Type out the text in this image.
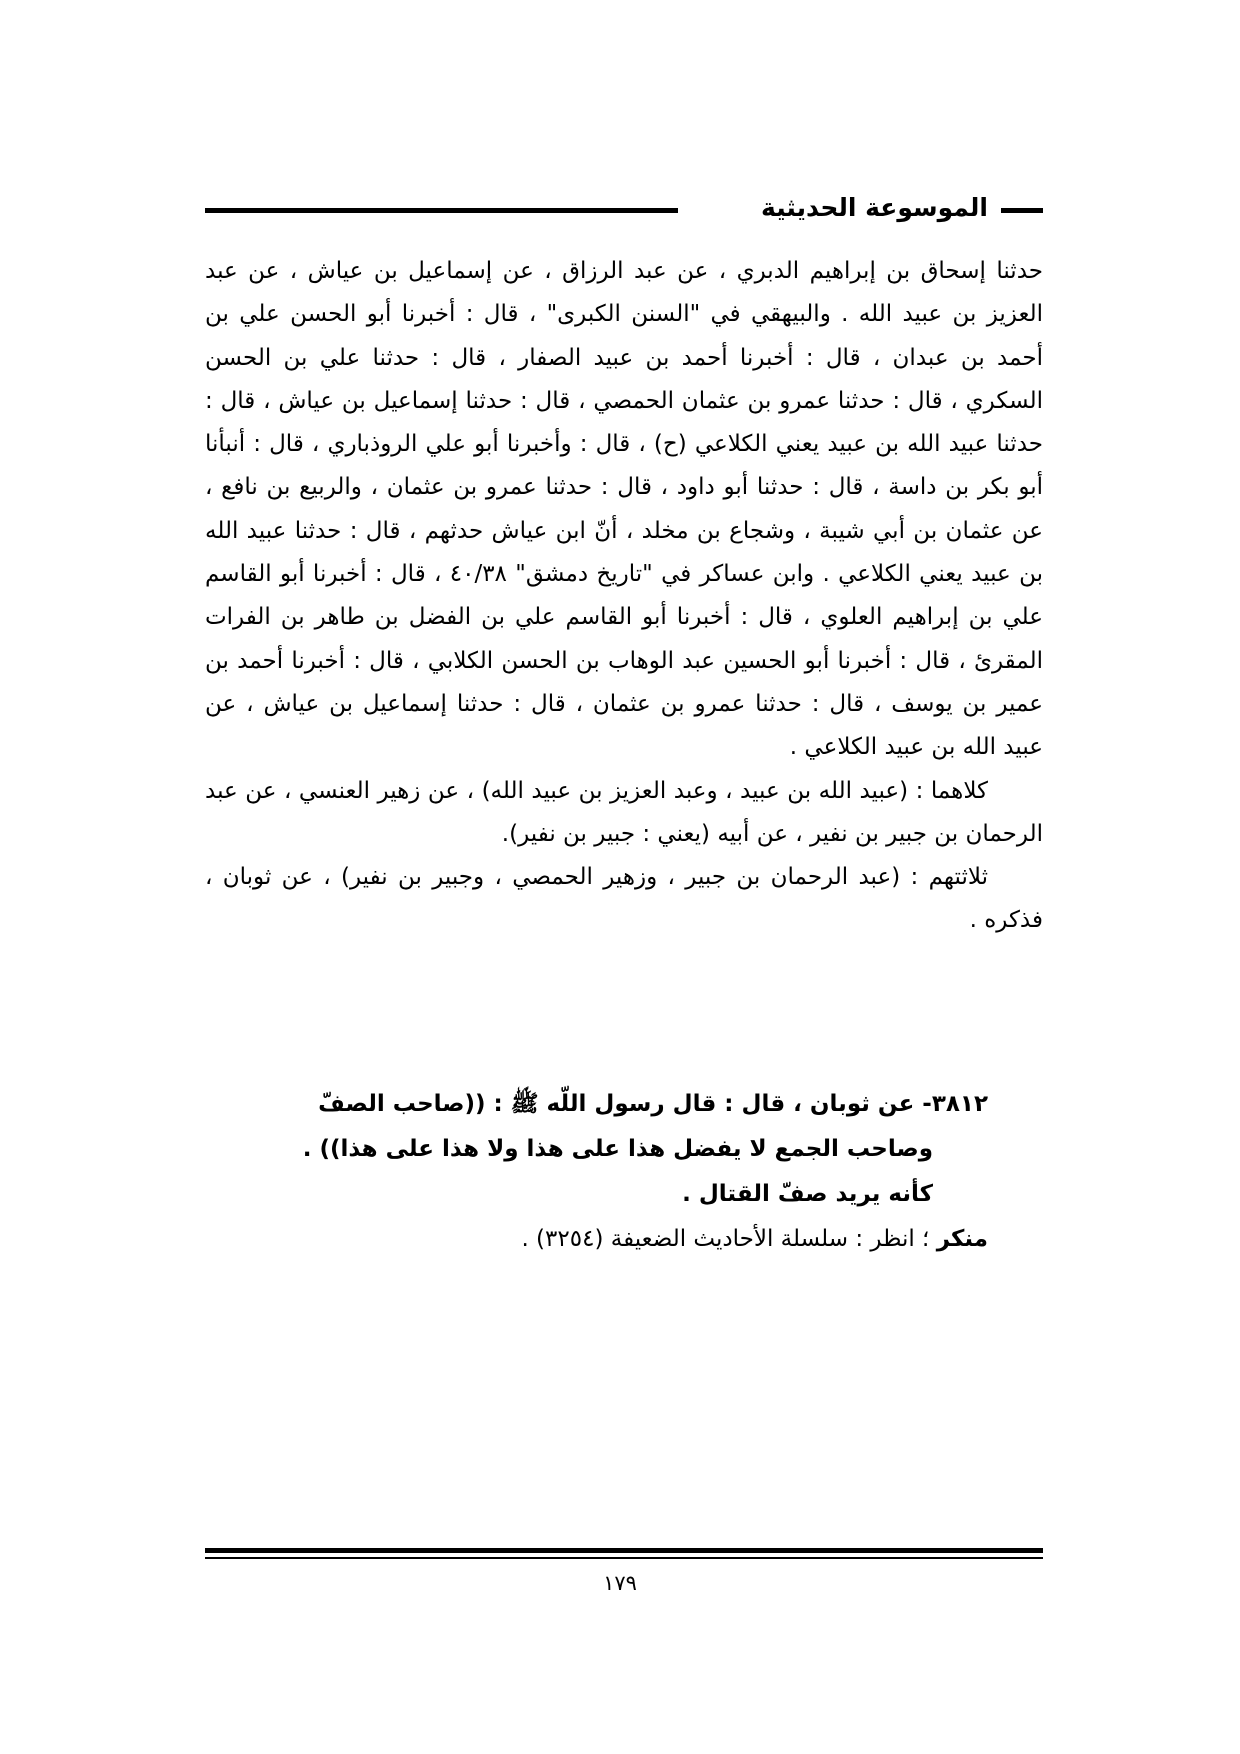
الموسوعة الحديثية

حدثنا إسحاق بن إبراهيم الدبري ، عن عبد الرزاق ، عن إسماعيل بن عياش ، عن عبد العزيز بن عبيد الله . والبيهقي في "السنن الكبرى" ، قال : أخبرنا أبو الحسن علي بن أحمد بن عبدان ، قال : أخبرنا أحمد بن عبيد الصفار ، قال : حدثنا علي بن الحسن السكري ، قال : حدثنا عمرو بن عثمان الحمصي ، قال : حدثنا إسماعيل بن عياش ، قال : حدثنا عبيد الله بن عبيد يعني الكلاعي (ح) ، قال : وأخبرنا أبو علي الروذباري ، قال : أنبأنا أبو بكر بن داسة ، قال : حدثنا أبو داود ، قال : حدثنا عمرو بن عثمان ، والربيع بن نافع ، عن عثمان بن أبي شيبة ، وشجاع بن مخلد ، أنّ ابن عياش حدثهم ، قال : حدثنا عبيد الله بن عبيد يعني الكلاعي . وابن عساكر في "تاريخ دمشق" ٤٠/٣٨ ، قال : أخبرنا أبو القاسم علي بن إبراهيم العلوي ، قال : أخبرنا أبو القاسم علي بن الفضل بن طاهر بن الفرات المقرئ ، قال : أخبرنا أبو الحسين عبد الوهاب بن الحسن الكلابي ، قال : أخبرنا أحمد بن عمير بن يوسف ، قال : حدثنا عمرو بن عثمان ، قال : حدثنا إسماعيل بن عياش ، عن عبيد الله بن عبيد الكلاعي .

كلاهما : (عبيد الله بن عبيد ، وعبد العزيز بن عبيد الله) ، عن زهير العنسي ، عن عبد الرحمان بن جبير بن نفير ، عن أبيه (يعني : جبير بن نفير).

ثلاثتهم : (عبد الرحمان بن جبير ، وزهير الحمصي ، وجبير بن نفير) ، عن ثوبان ، فذكره .

٣٨١٢- عن ثوبان ، قال : قال رسول اللّه ﷺ : ((صاحب الصفّ
وصاحب الجمع لا يفضل هذا على هذا ولا هذا على هذا)) .
كأنه يريد صفّ القتال .

منكر ؛ انظر : سلسلة الأحاديث الضعيفة (٣٢٥٤) .

١٧٩
